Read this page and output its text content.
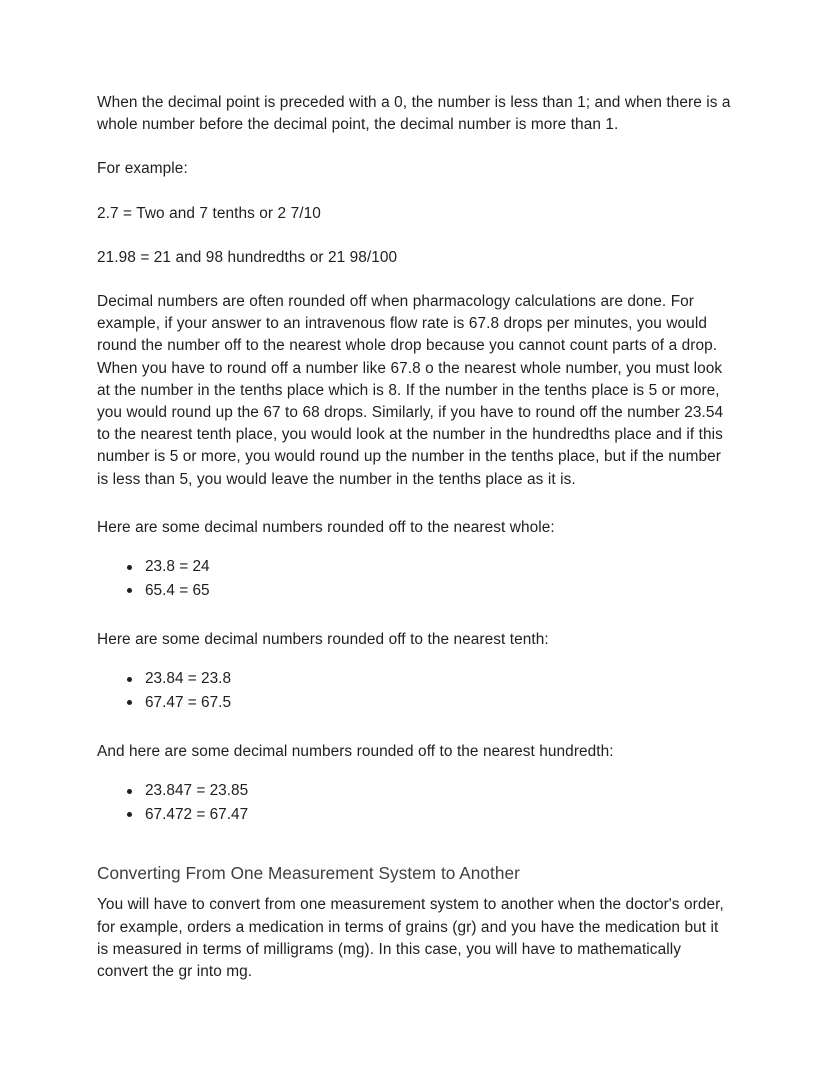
When the decimal point is preceded with a 0, the number is less than 1; and when there is a whole number before the decimal point, the decimal number is more than 1.

For example:

2.7 = Two and 7 tenths or 2 7/10

21.98 = 21 and 98 hundredths or 21 98/100

Decimal numbers are often rounded off when pharmacology calculations are done. For example, if your answer to an intravenous flow rate is 67.8 drops per minutes, you would round the number off to the nearest whole drop because you cannot count parts of a drop. When you have to round off a number like 67.8 o the nearest whole number, you must look at the number in the tenths place which is 8. If the number in the tenths place is 5 or more, you would round up the 67 to 68 drops. Similarly, if you have to round off the number 23.54 to the nearest tenth place, you would look at the number in the hundredths place and if this number is 5 or more, you would round up the number in the tenths place, but if the number is less than 5, you would leave the number in the tenths place as it is.

Here are some decimal numbers rounded off to the nearest whole:

23.8 = 24
65.4 = 65

Here are some decimal numbers rounded off to the nearest tenth:

23.84 = 23.8
67.47 = 67.5

And here are some decimal numbers rounded off to the nearest hundredth:

23.847 = 23.85
67.472 = 67.47
Converting From One Measurement System to Another

You will have to convert from one measurement system to another when the doctor's order, for example, orders a medication in terms of grains (gr) and you have the medication but it is measured in terms of milligrams (mg). In this case, you will have to mathematically convert the gr into mg.
